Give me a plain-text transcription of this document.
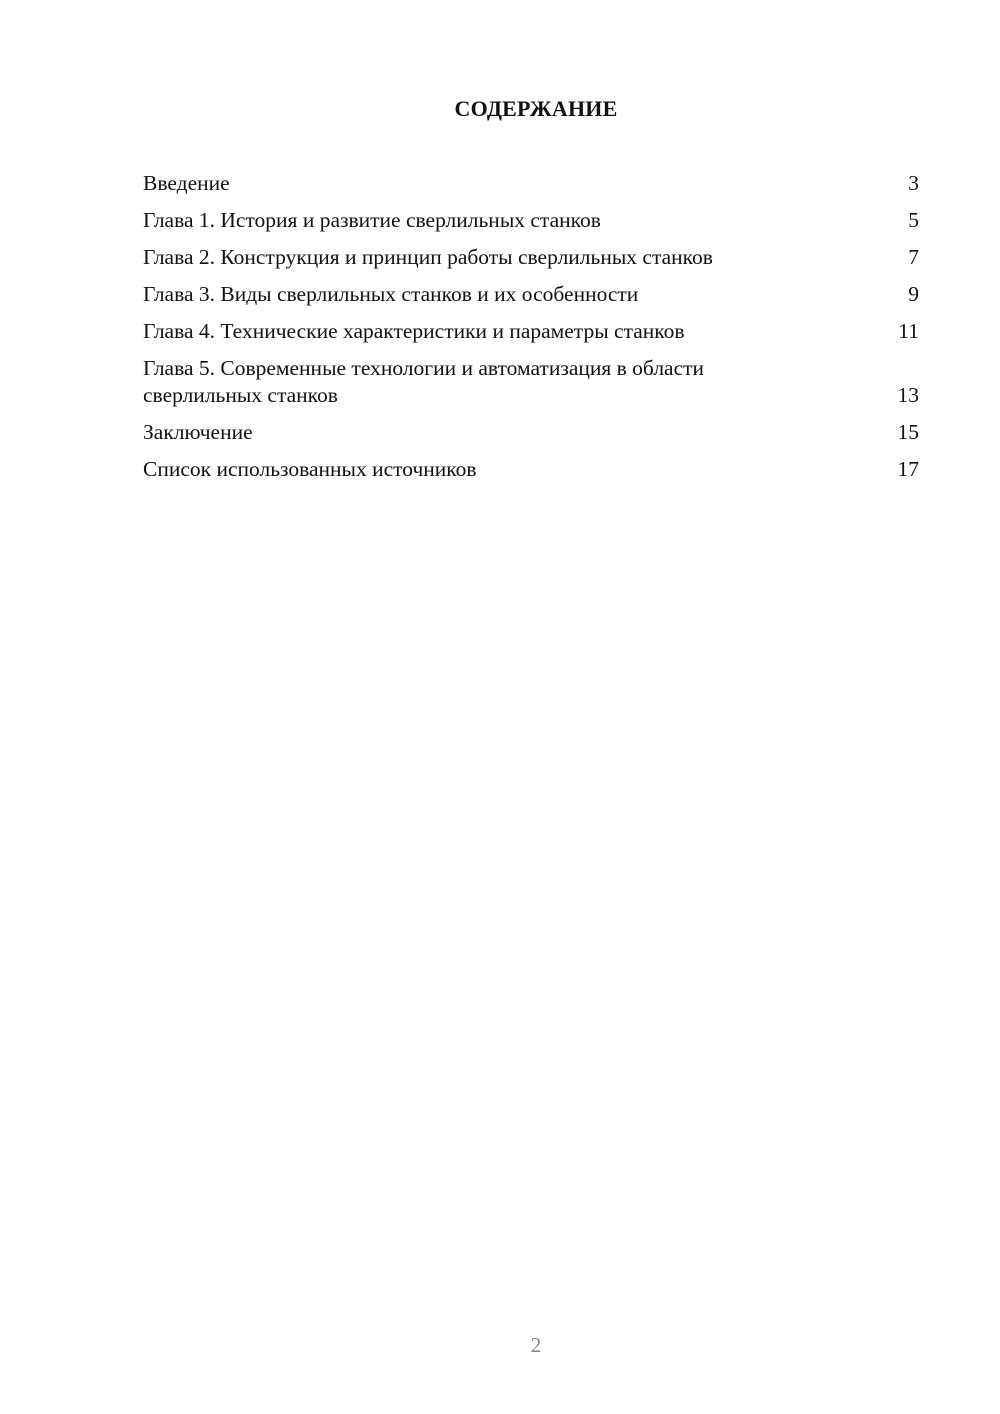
СОДЕРЖАНИЕ
Введение	3
Глава 1. История и развитие сверлильных станков	5
Глава 2. Конструкция и принцип работы сверлильных станков	7
Глава 3. Виды сверлильных станков и их особенности	9
Глава 4. Технические характеристики и параметры станков	11
Глава 5. Современные технологии и автоматизация в области сверлильных станков	13
Заключение	15
Список использованных источников	17
2
